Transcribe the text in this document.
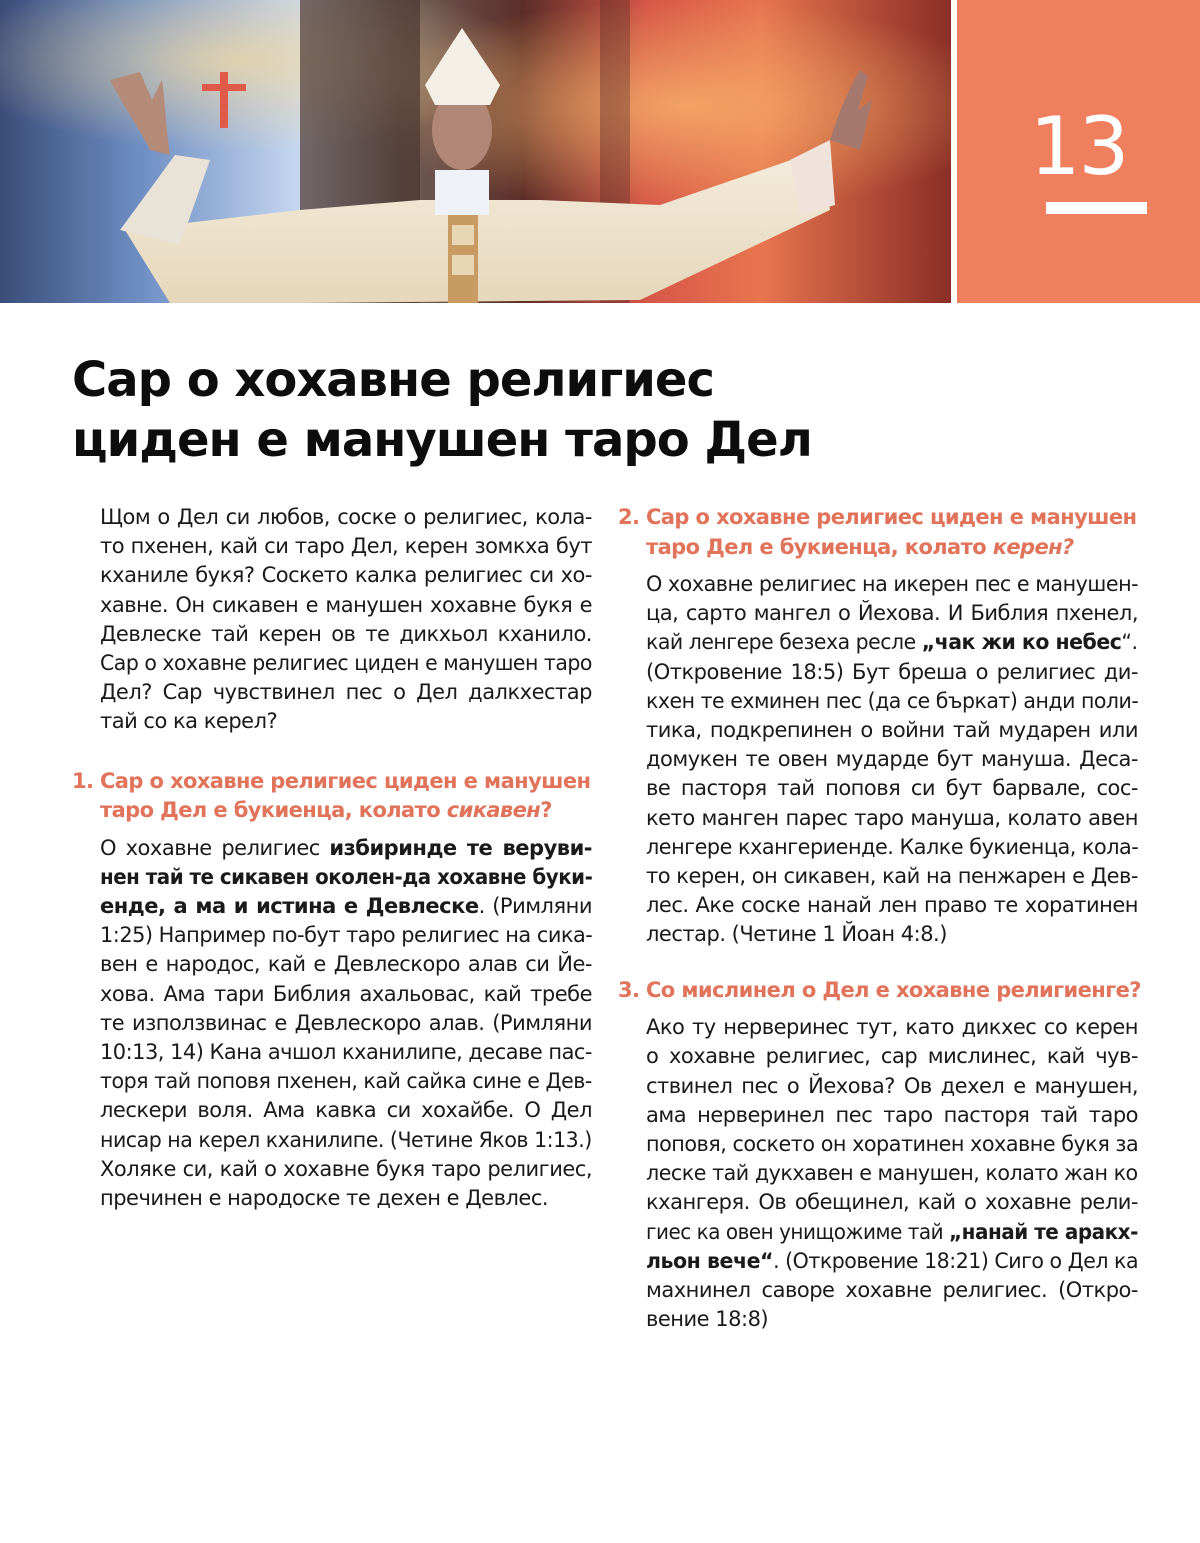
13
Сар о хохавне религиес
циден е манушен таро Дел

Щом о Дел си любов, соске о религиес, кола-
то пхенен, кай си таро Дел, керен зомкха бут
кханиле букя? Соскето калка религиес си хо-
хавне. Он сикавен е манушен хохавне букя е
Девлеске тай керен ов те дикхьол кханило.
Сар о хохавне религиес циден е манушен таро
Дел? Сар чувствинел пес о Дел далкхестар
тай со ка керел?

1. Сар о хохавне религиес циден е манушен
таро Дел е букиенца, колато сикавен?

О хохавне религиес избиринде те веруви-
нен тай те сикавен околен-да хохавне буки-
енде, а ма и истина е Девлеске. (Римляни
1:25) Например по-бут таро религиес на сика-
вен е народос, кай е Девлескоро алав си Йе-
хова. Ама тари Библия ахальовас, кай требе
те използвинас е Девлескоро алав. (Римляни
10:13, 14) Кана ачшол кханилипе, десаве пас-
торя тай поповя пхенен, кай сайка сине е Дев-
лескери воля. Ама кавка си хохайбе. О Дел
нисар на керел кханилипе. (Четине Яков 1:13.)
Холяке си, кай о хохавне букя таро религиес,
пречинен е народоске те дехен е Девлес.

2. Сар о хохавне религиес циден е манушен
таро Дел е букиенца, колато керен?

О хохавне религиес на икерен пес е манушен-
ца, сарто мангел о Йехова. И Библия пхенел,
кай ленгере безеха ресле „чак жи ко небес“.
(Откровение 18:5) Бут бреша о религиес ди-
кхен те ехминен пес (да се бъркат) анди поли-
тика, подкрепинен о войни тай мударен или
домукен те овен мударде бут мануша. Деса-
ве пасторя тай поповя си бут барвале, сос-
кето манген парес таро мануша, колато авен
ленгере кхангериенде. Калке букиенца, кола-
то керен, он сикавен, кай на пенжарен е Дев-
лес. Аке соске нанай лен право те хоратинен
лестар. (Четине 1 Йоан 4:8.)

3. Со мислинел о Дел е хохавне религиенге?

Ако ту нерверинес тут, като дикхес со керен
о хохавне религиес, сар мислинес, кай чув-
ствинел пес о Йехова? Ов дехел е манушен,
ама нерверинел пес таро пасторя тай таро
поповя, соскето он хоратинен хохавне букя за
леске тай дукхавен е манушен, колато жан ко
кхангеря. Ов обещинел, кай о хохавне рели-
гиес ка овен унищожиме тай „нанай те аракх-
льон вече“. (Откровение 18:21) Сиго о Дел ка
махнинел саворе хохавне религиес. (Откро-
вение 18:8)
